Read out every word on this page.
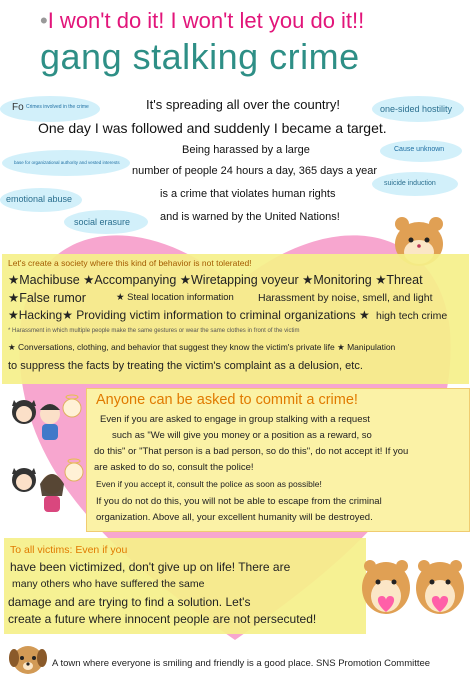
•I won't do it! I won't let you do it!!
gang stalking crime
Fo Crimes involved in the crime	one-sided hostility
base for organizational authority and vested interests
Cause unknown
suicide induction
emotional abuse
social erasure
It's spreading all over the country!
One day I was followed and suddenly I became a target.
Being harassed by a large
number of people 24 hours a day, 365 days a year
is a crime that violates human rights
and is warned by the United Nations!
Let's create a society where this kind of behavior is not tolerated!
★Machibuse ★Accompanying ★Wiretapping voyeur ★Monitoring ★Threat
★False rumor	★ Steal location information Harassment by noise, smell, and light
★Hacking★ Providing victim information to criminal organizations ★ high tech crime
* Harassment in which multiple people make the same gestures or wear the same clothes in front of the victim
★ Conversations, clothing, and behavior that suggest they know the victim's private life ★ Manipulation
to suppress the facts by treating the victim's complaint as a delusion, etc.
Anyone can be asked to commit a crime!
Even if you are asked to engage in group stalking with a request
such as "We will give you money or a position as a reward, so
do this" or "That person is a bad person, so do this", do not accept it! If you
are asked to do so, consult the police!
Even if you accept it, consult the police as soon as possible!
If you do not do this, you will not be able to escape from the criminal
organization. Above all, your excellent humanity will be destroyed.
To all victims: Even if you
have been victimized, don't give up on life! There are
many others who have suffered the same
damage and are trying to find a solution. Let's
create a future where innocent people are not persecuted!
A town where everyone is smiling and friendly is a good place. SNS Promotion Committee
